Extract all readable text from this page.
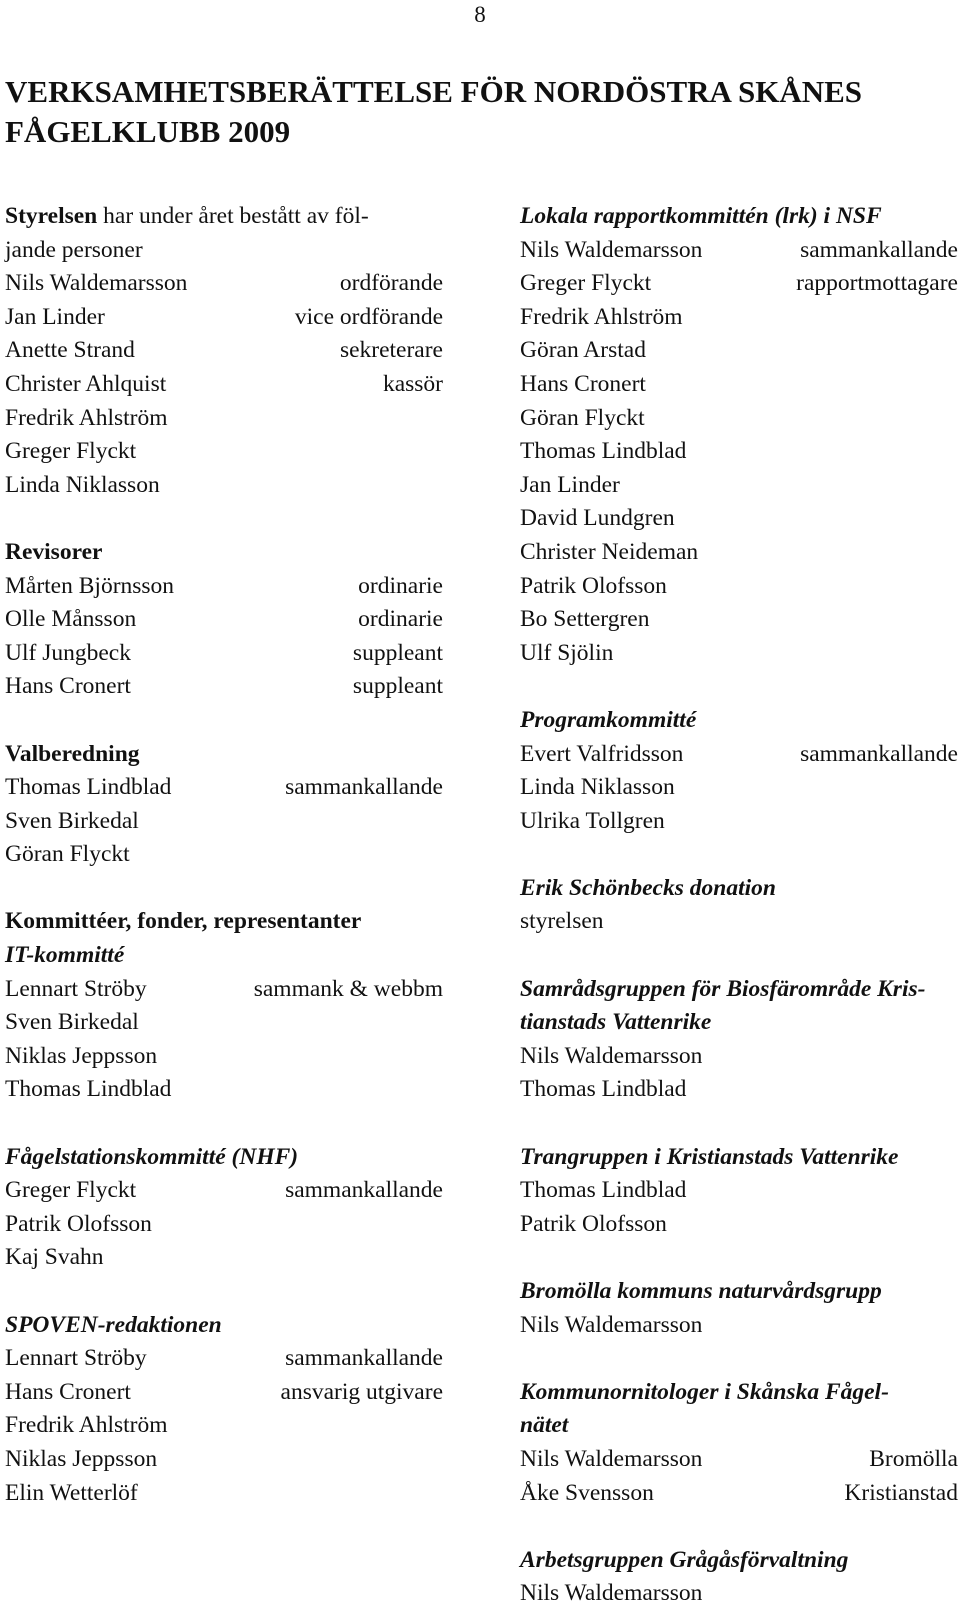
8
VERKSAMHETSBERÄTTELSE FÖR NORDÖSTRA SKÅNES
FÅGELKLUBB 2009
Styrelsen har under året bestått av föl-
jande personer
Nils Waldemarsson	ordförande
Jan Linder	vice ordförande
Anette Strand	sekreterare
Christer Ahlquist	kassör
Fredrik Ahlström
Greger Flyckt
Linda Niklasson
Revisorer
Mårten Björnsson	ordinarie
Olle Månsson	ordinarie
Ulf Jungbeck	suppleant
Hans Cronert	suppleant
Valberedning
Thomas Lindblad	sammankallande
Sven Birkedal
Göran Flyckt
Kommittéer, fonder, representanter
IT-kommitté
Lennart Ströby	sammank & webbm
Sven Birkedal
Niklas Jeppsson
Thomas Lindblad
Fågelstationskommitté (NHF)
Greger Flyckt	sammankallande
Patrik Olofsson
Kaj Svahn
SPOVEN-redaktionen
Lennart Ströby	sammankallande
Hans Cronert	ansvarig utgivare
Fredrik Ahlström
Niklas Jeppsson
Elin Wetterlöf
Lokala rapportkommittén (lrk) i NSF
Nils Waldemarsson	sammankallande
Greger Flyckt	rapportmottagare
Fredrik Ahlström
Göran Arstad
Hans Cronert
Göran Flyckt
Thomas Lindblad
Jan Linder
David Lundgren
Christer Neideman
Patrik Olofsson
Bo Settergren
Ulf Sjölin
Programkommitté
Evert Valfridsson	sammankallande
Linda Niklasson
Ulrika Tollgren
Erik Schönbecks donation
styrelsen
Samrådsgruppen för Biosfärområde Kris-
tianstads Vattenrike
Nils Waldemarsson
Thomas Lindblad
Trangruppen i Kristianstads Vattenrike
Thomas Lindblad
Patrik Olofsson
Bromölla kommuns naturvårdsgrupp
Nils Waldemarsson
Kommunornitologer i Skånska Fågel-
nätet
Nils Waldemarsson	Bromölla
Åke Svensson	Kristianstad
Arbetsgruppen Grågåsförvaltning
Nils Waldemarsson
